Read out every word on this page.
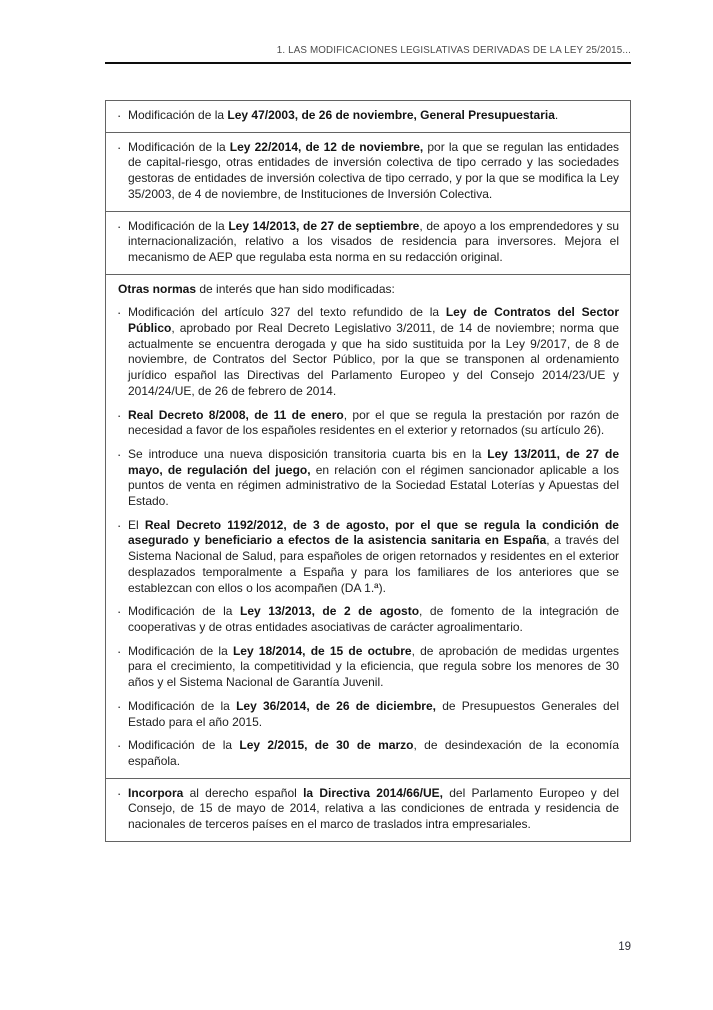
1. LAS MODIFICACIONES LEGISLATIVAS DERIVADAS DE LA LEY 25/2015...
· Modificación de la Ley 47/2003, de 26 de noviembre, General Presupuestaria.

· Modificación de la Ley 22/2014, de 12 de noviembre, por la que se regulan las entidades de capital-riesgo, otras entidades de inversión colectiva de tipo cerrado y las sociedades gestoras de entidades de inversión colectiva de tipo cerrado, y por la que se modifica la Ley 35/2003, de 4 de noviembre, de Instituciones de Inversión Colectiva.

· Modificación de la Ley 14/2013, de 27 de septiembre, de apoyo a los emprendedores y su internacionalización, relativo a los visados de residencia para inversores. Mejora el mecanismo de AEP que regulaba esta norma en su redacción original.

Otras normas de interés que han sido modificadas:

· Modificación del artículo 327 del texto refundido de la Ley de Contratos del Sector Público, aprobado por Real Decreto Legislativo 3/2011, de 14 de noviembre; norma que actualmente se encuentra derogada y que ha sido sustituida por la Ley 9/2017, de 8 de noviembre, de Contratos del Sector Público, por la que se transponen al ordenamiento jurídico español las Directivas del Parlamento Europeo y del Consejo 2014/23/UE y 2014/24/UE, de 26 de febrero de 2014.

· Real Decreto 8/2008, de 11 de enero, por el que se regula la prestación por razón de necesidad a favor de los españoles residentes en el exterior y retornados (su artículo 26).

· Se introduce una nueva disposición transitoria cuarta bis en la Ley 13/2011, de 27 de mayo, de regulación del juego, en relación con el régimen sancionador aplicable a los puntos de venta en régimen administrativo de la Sociedad Estatal Loterías y Apuestas del Estado.

· El Real Decreto 1192/2012, de 3 de agosto, por el que se regula la condición de asegurado y beneficiario a efectos de la asistencia sanitaria en España, a través del Sistema Nacional de Salud, para españoles de origen retornados y residentes en el exterior desplazados temporalmente a España y para los familiares de los anteriores que se establezcan con ellos o los acompañen (DA 1.ª).

· Modificación de la Ley 13/2013, de 2 de agosto, de fomento de la integración de cooperativas y de otras entidades asociativas de carácter agroalimentario.

· Modificación de la Ley 18/2014, de 15 de octubre, de aprobación de medidas urgentes para el crecimiento, la competitividad y la eficiencia, que regula sobre los menores de 30 años y el Sistema Nacional de Garantía Juvenil.

· Modificación de la Ley 36/2014, de 26 de diciembre, de Presupuestos Generales del Estado para el año 2015.

· Modificación de la Ley 2/2015, de 30 de marzo, de desindexación de la economía española.

· Incorpora al derecho español la Directiva 2014/66/UE, del Parlamento Europeo y del Consejo, de 15 de mayo de 2014, relativa a las condiciones de entrada y residencia de nacionales de terceros países en el marco de traslados intra empresariales.

19
